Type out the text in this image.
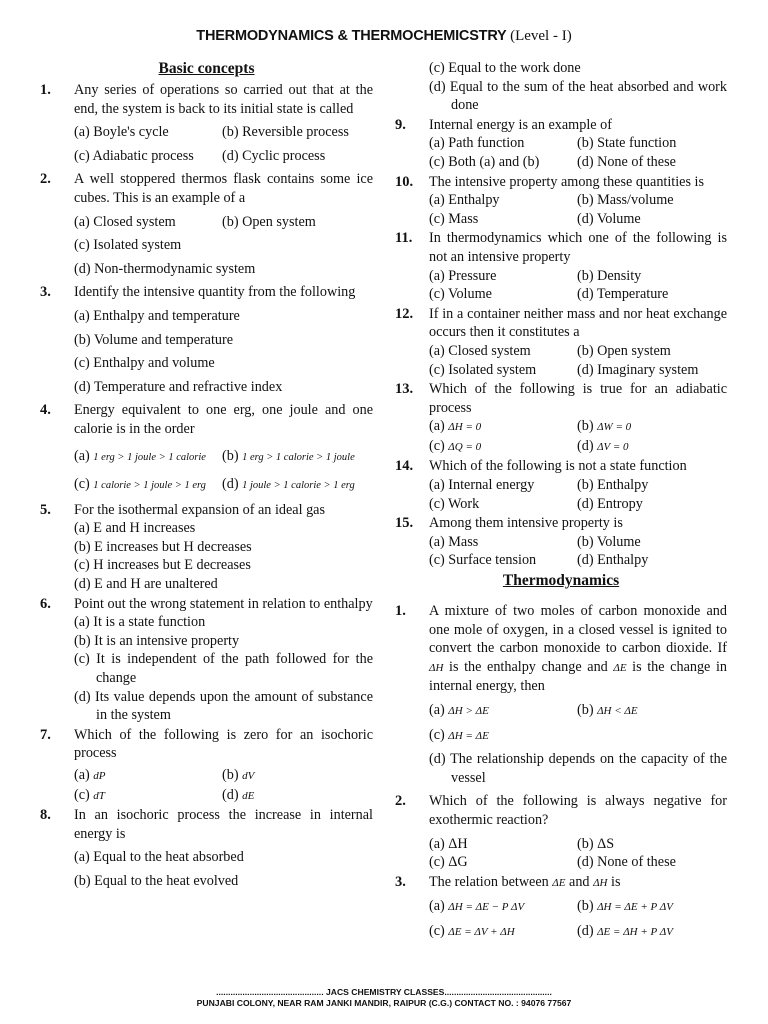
THERMODYNAMICS & THERMOCHEMICSTRY (Level - I)
Basic concepts
1. Any series of operations so carried out that at the end, the system is back to its initial state is called
(a) Boyle's cycle	(b) Reversible process
(c) Adiabatic process	(d) Cyclic process
2. A well stoppered thermos flask contains some ice cubes. This is an example of a
(a) Closed system	(b) Open system
(c) Isolated system
(d) Non-thermodynamic system
3. Identify the intensive quantity from the following
(a) Enthalpy and temperature
(b) Volume and temperature
(c) Enthalpy and volume
(d) Temperature and refractive index
4. Energy equivalent to one erg, one joule and one calorie is in the order
(a) 1 erg > 1 joule > 1 calorie	(b) 1 erg > 1 calorie > 1 joule
(c) 1 calorie > 1 joule > 1 erg	(d) 1 joule > 1 calorie > 1 erg
5. For the isothermal expansion of an ideal gas
(a) E and H increases
(b) E increases but H decreases
(c) H increases but E decreases
(d) E and H are unaltered
6. Point out the wrong statement in relation to enthalpy
(a) It is a state function
(b) It is an intensive property
(c) It is independent of the path followed for the change
(d) Its value depends upon the amount of substance in the system
7. Which of the following is zero for an isochoric process
(a) dP	(b) dV
(c) dT	(d) dE
8. In an isochoric process the increase in internal energy is
(a) Equal to the heat absorbed
(b) Equal to the heat evolved
(c) Equal to the work done
(d) Equal to the sum of the heat absorbed and work done
9. Internal energy is an example of
(a) Path function	(b) State function
(c) Both (a) and (b)	(d) None of these
10. The intensive property among these quantities is
(a) Enthalpy	(b) Mass/volume
(c) Mass	(d) Volume
11. In thermodynamics which one of the following is not an intensive property
(a) Pressure	(b) Density
(c) Volume	(d) Temperature
12. If in a container neither mass and nor heat exchange occurs then it constitutes a
(a) Closed system	(b) Open system
(c) Isolated system	(d) Imaginary system
13. Which of the following is true for an adiabatic process
(a) ΔH = 0	(b) ΔW = 0
(c) ΔQ = 0	(d) ΔV = 0
14. Which of the following is not a state function
(a) Internal energy	(b) Enthalpy
(c) Work	(d) Entropy
15. Among them intensive property is
(a) Mass	(b) Volume
(c) Surface tension	(d) Enthalpy
Thermodynamics
1. A mixture of two moles of carbon monoxide and one mole of oxygen, in a closed vessel is ignited to convert the carbon monoxide to carbon dioxide. If ΔH is the enthalpy change and ΔE is the change in internal energy, then
(a) ΔH > ΔE	(b) ΔH < ΔE
(c) ΔH = ΔE
(d) The relationship depends on the capacity of the vessel
2. Which of the following is always negative for exothermic reaction?
(a) ΔH	(b) ΔS
(c) ΔG	(d) None of these
3. The relation between ΔE and ΔH is
(a) ΔH = ΔE − P ΔV	(b) ΔH = ΔE + P ΔV
(c) ΔE = ΔV + ΔH	(d) ΔE = ΔH + P ΔV
............................................. JACS CHEMISTRY CLASSES.............................................
PUNJABI COLONY, NEAR RAM JANKI MANDIR, RAIPUR (C.G.) CONTACT NO. : 94076 77567
